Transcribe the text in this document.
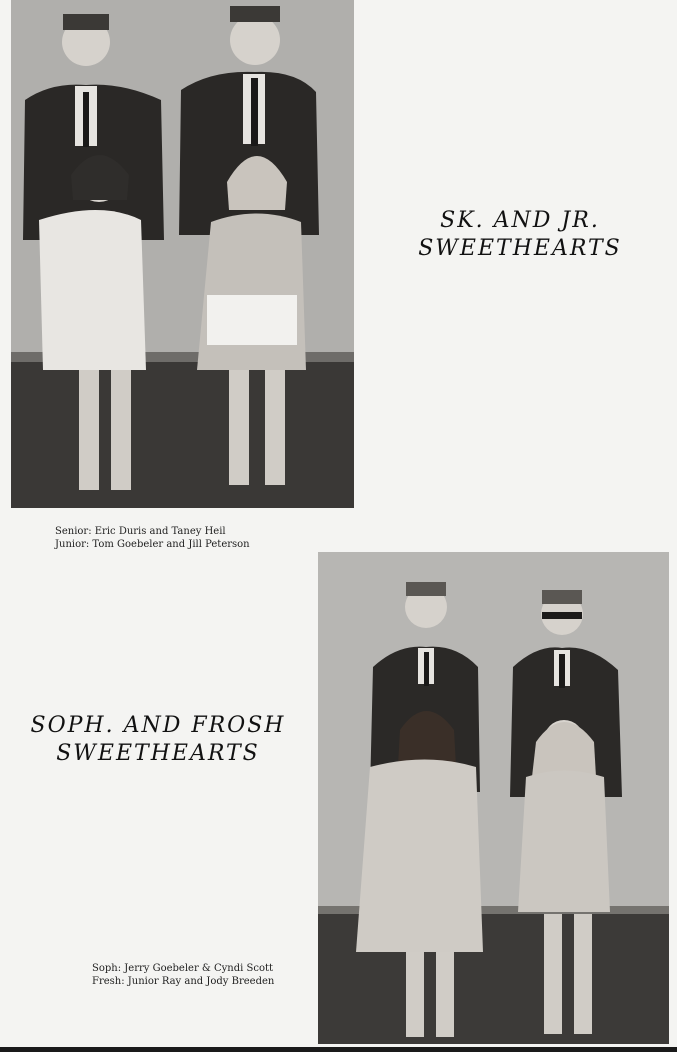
SK. AND JR.
SWEETHEARTS
Senior: Eric Duris and Taney Heil
Junior: Tom Goebeler and Jill Peterson
SOPH. AND FROSH
SWEETHEARTS
Soph: Jerry Goebeler & Cyndi Scott
Fresh: Junior Ray and Jody Breeden
